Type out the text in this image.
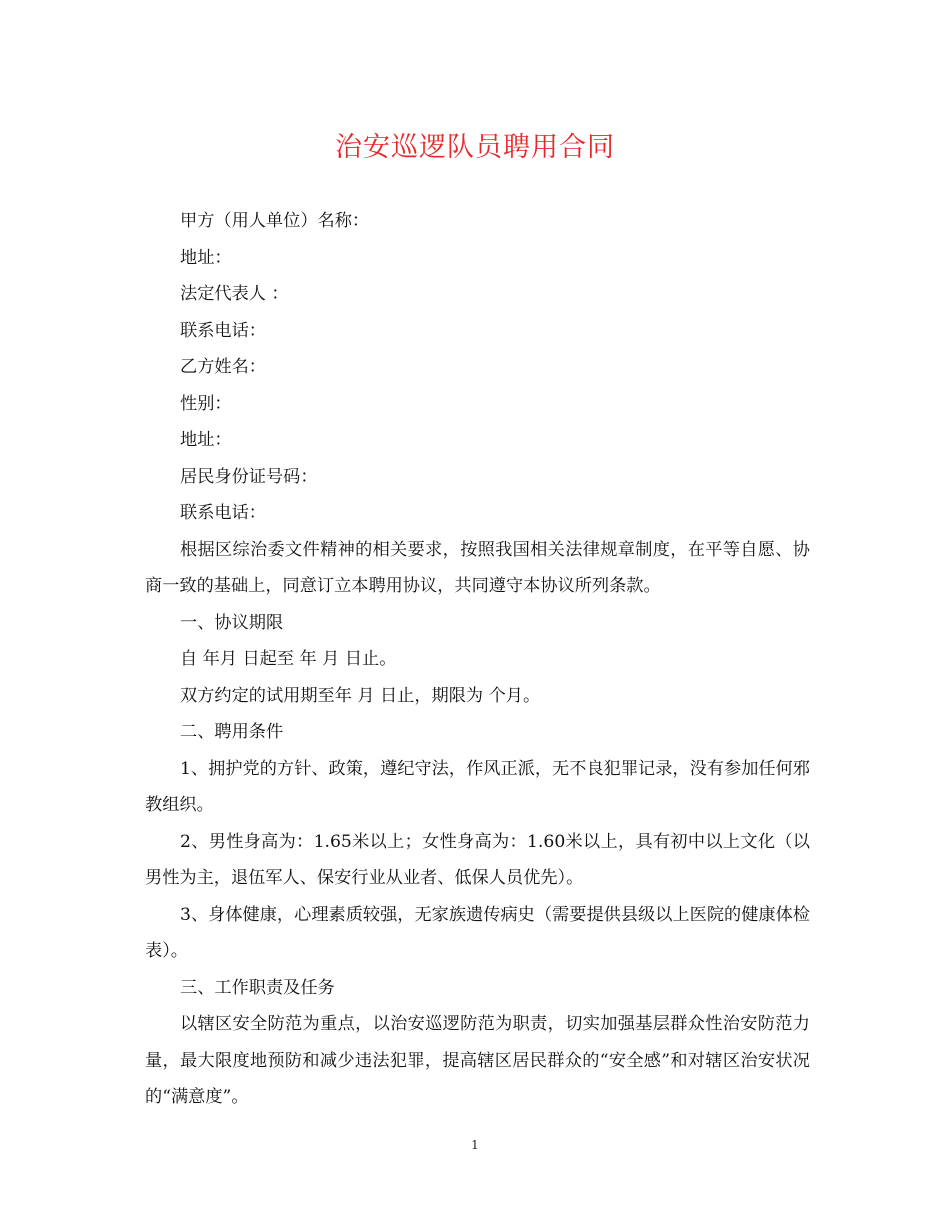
治安巡逻队员聘用合同

甲方（用人单位）名称：

地址：

法定代表人 ：

联系电话：

乙方姓名：

性别：

地址：

居民身份证号码：

联系电话：

根据区综治委文件精神的相关要求，按照我国相关法律规章制度，在平等自愿、协商一致的基础上，同意订立本聘用协议，共同遵守本协议所列条款。

一、协议期限

自 年月 日起至 年 月 日止。

双方约定的试用期至年 月 日止，期限为 个月。

二、聘用条件

1、拥护党的方针、政策，遵纪守法，作风正派，无不良犯罪记录，没有参加任何邪教组织。

2、男性身高为：1.65米以上；女性身高为：1.60米以上，具有初中以上文化（以男性为主，退伍军人、保安行业从业者、低保人员优先）。

3、身体健康，心理素质较强，无家族遗传病史（需要提供县级以上医院的健康体检表）。

三、工作职责及任务

以辖区安全防范为重点，以治安巡逻防范为职责，切实加强基层群众性治安防范力量，最大限度地预防和减少违法犯罪，提高辖区居民群众的“安全感”和对辖区治安状况的“满意度”。

1
